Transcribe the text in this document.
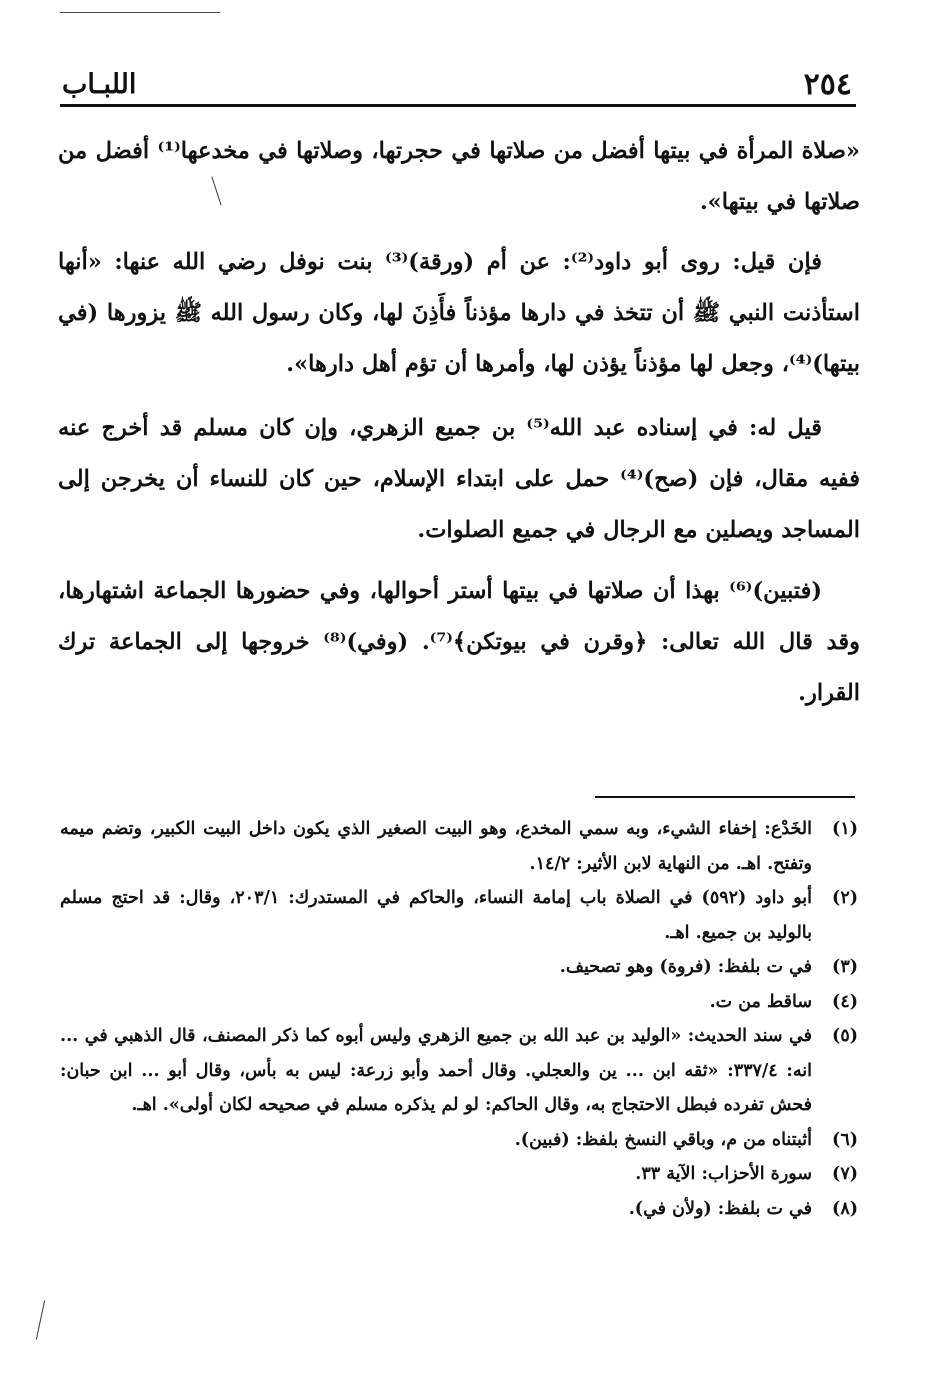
٢٥٤
اللبـاب

«صلاة المرأة في بيتها أفضل من صلاتها في حجرتها، وصلاتها في مخدعها⁽¹⁾ أفضل من صلاتها في بيتها».

فإن قيل: روى أبو داود⁽²⁾: عن أم (ورقة)⁽³⁾ بنت نوفل رضي الله عنها: «أنها استأذنت النبي ﷺ أن تتخذ في دارها مؤذناً فأَذِنَ لها، وكان رسول الله ﷺ يزورها (في بيتها)⁽⁴⁾، وجعل لها مؤذناً يؤذن لها، وأمرها أن تؤم أهل دارها».

قيل له: في إسناده عبد الله⁽⁵⁾ بن جميع الزهري، وإن كان مسلم قد أخرج عنه ففيه مقال، فإن (صح)⁽⁴⁾ حمل على ابتداء الإسلام، حين كان للنساء أن يخرجن إلى المساجد ويصلين مع الرجال في جميع الصلوات.

(فتبين)⁽⁶⁾ بهذا أن صلاتها في بيتها أستر أحوالها، وفي حضورها الجماعة اشتهارها، وقد قال الله تعالى: ﴿وقرن في بيوتكن﴾⁽⁷⁾. (وفي)⁽⁸⁾ خروجها إلى الجماعة ترك القرار.

(١)
الخَدْع: إخفاء الشيء، وبه سمي المخدع، وهو البيت الصغير الذي يكون داخل البيت الكبير، وتضم ميمه وتفتح. اهـ. من النهاية لابن الأثير: ١٤/٢.
(٢)
أبو داود (٥٩٢) في الصلاة باب إمامة النساء، والحاكم في المستدرك: ٢٠٣/١، وقال: قد احتج مسلم بالوليد بن جميع. اهـ.
(٣)
في ت بلفظ: (فروة) وهو تصحيف.
(٤)
ساقط من ت.
(٥)
في سند الحديث: «الوليد بن عبد الله بن جميع الزهري وليس أبوه كما ذكر المصنف، قال الذهبي في ... انه: ٣٣٧/٤: «ثقه ابن ... ين والعجلي. وقال أحمد وأبو زرعة: ليس به بأس، وقال أبو ... ابن حبان: فحش تفرده فبطل الاحتجاج به، وقال الحاكم: لو لم يذكره مسلم في صحيحه لكان أولى». اهـ.
(٦)
أثبتناه من م، وباقي النسخ بلفظ: (فبين).
(٧)
سورة الأحزاب: الآية ٣٣.
(٨)
في ت بلفظ: (ولأن في).
